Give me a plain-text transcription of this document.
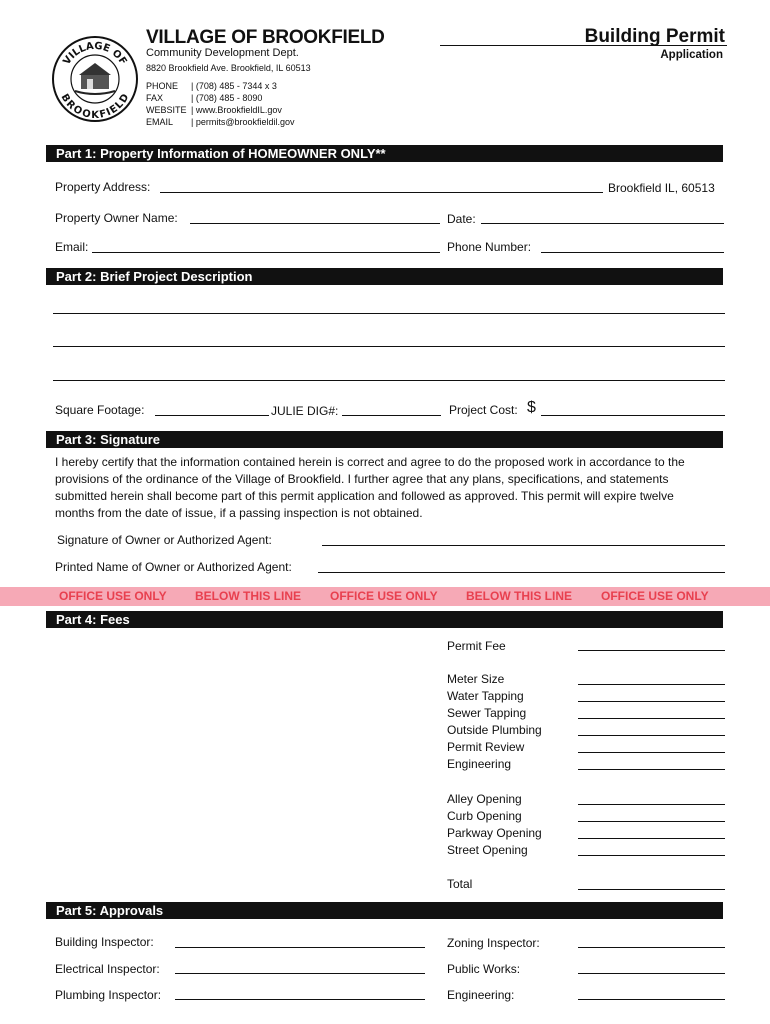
VILLAGE OF
BROOKFIELD
VILLAGE OF BROOKFIELD
Community Development Dept.
8820 Brookfield Ave. Brookfield, IL 60513
PHONE | (708) 485 - 7344 x 3
FAX	| (708) 485 - 8090
WEBSITE | www.BrookfieldIL.gov
EMAIL | permits@brookfieldil.gov
Building Permit
Application
Part 1: Property Information of HOMEOWNER ONLY**
Property Address:	Brookfield IL, 60513
Property Owner Name:	Date:
Email:	Phone Number:
Part 2: Brief Project Description
Square Footage:	JULIE DIG#:	Project Cost: $
Part 3: Signature
I hereby certify that the information contained herein is correct and agree to do the proposed work in accordance to the provisions of the ordinance of the Village of Brookfield. I further agree that any plans, specifications, and statements submitted herein shall become part of this permit application and followed as approved. This permit will expire twelve months from the date of issue, if a passing inspection is not obtained.
Signature of Owner or Authorized Agent:
Printed Name of Owner or Authorized Agent:
OFFICE USE ONLY BELOW THIS LINE OFFICE USE ONLY BELOW THIS LINE OFFICE USE ONLY
Part 4: Fees
Permit Fee
Meter Size
Water Tapping
Sewer Tapping
Outside Plumbing
Permit Review
Engineering
Alley Opening
Curb Opening
Parkway Opening
Street Opening
Total
Part 5: Approvals
Building Inspector:	Zoning Inspector:
Electrical Inspector:	Public Works:
Plumbing Inspector:	Engineering:
